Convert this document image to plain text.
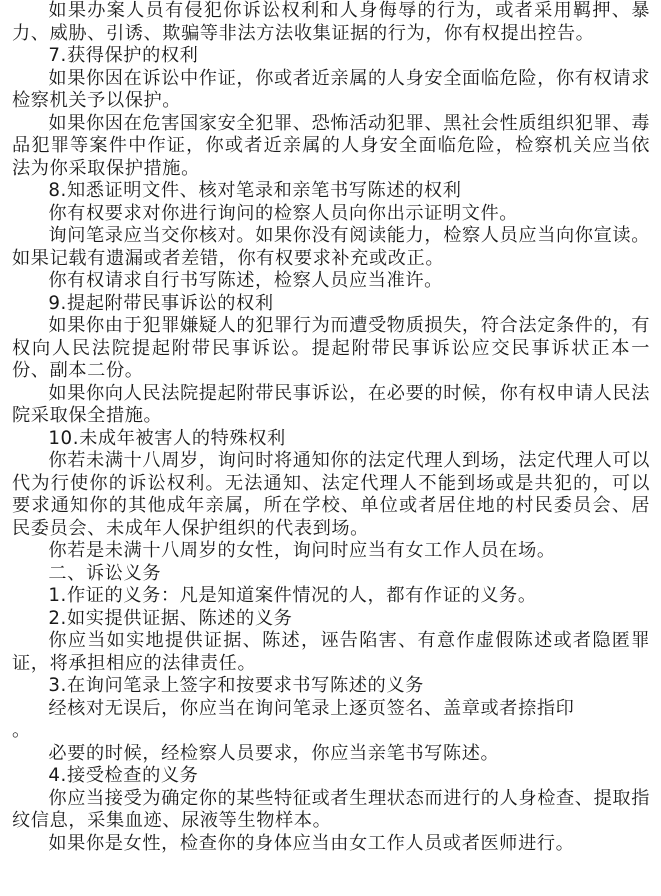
如果办案人员有侵犯你诉讼权利和人身侮辱的行为，或者采用羁押、暴力、威胁、引诱、欺骗等非法方法收集证据的行为，你有权提出控告。

7.获得保护的权利

如果你因在诉讼中作证，你或者近亲属的人身安全面临危险，你有权请求检察机关予以保护。

如果你因在危害国家安全犯罪、恐怖活动犯罪、黑社会性质组织犯罪、毒品犯罪等案件中作证，你或者近亲属的人身安全面临危险，检察机关应当依法为你采取保护措施。

8.知悉证明文件、核对笔录和亲笔书写陈述的权利

你有权要求对你进行询问的检察人员向你出示证明文件。

询问笔录应当交你核对。如果你没有阅读能力，检察人员应当向你宣读。如果记载有遗漏或者差错，你有权要求补充或改正。

你有权请求自行书写陈述，检察人员应当准许。

9.提起附带民事诉讼的权利

如果你由于犯罪嫌疑人的犯罪行为而遭受物质损失，符合法定条件的，有权向人民法院提起附带民事诉讼。提起附带民事诉讼应交民事诉状正本一份、副本二份。

如果你向人民法院提起附带民事诉讼，在必要的时候，你有权申请人民法院采取保全措施。

10.未成年被害人的特殊权利

你若未满十八周岁，询问时将通知你的法定代理人到场，法定代理人可以代为行使你的诉讼权利。无法通知、法定代理人不能到场或是共犯的，可以要求通知你的其他成年亲属，所在学校、单位或者居住地的村民委员会、居民委员会、未成年人保护组织的代表到场。

你若是未满十八周岁的女性，询问时应当有女工作人员在场。

二、诉讼义务

1.作证的义务：凡是知道案件情况的人，都有作证的义务。

2.如实提供证据、陈述的义务

你应当如实地提供证据、陈述，诬告陷害、有意作虚假陈述或者隐匿罪证，将承担相应的法律责任。

3.在询问笔录上签字和按要求书写陈述的义务

经核对无误后，你应当在询问笔录上逐页签名、盖章或者捺指印

。

必要的时候，经检察人员要求，你应当亲笔书写陈述。

4.接受检查的义务

你应当接受为确定你的某些特征或者生理状态而进行的人身检查、提取指纹信息，采集血迹、尿液等生物样本。

如果你是女性，检查你的身体应当由女工作人员或者医师进行。
